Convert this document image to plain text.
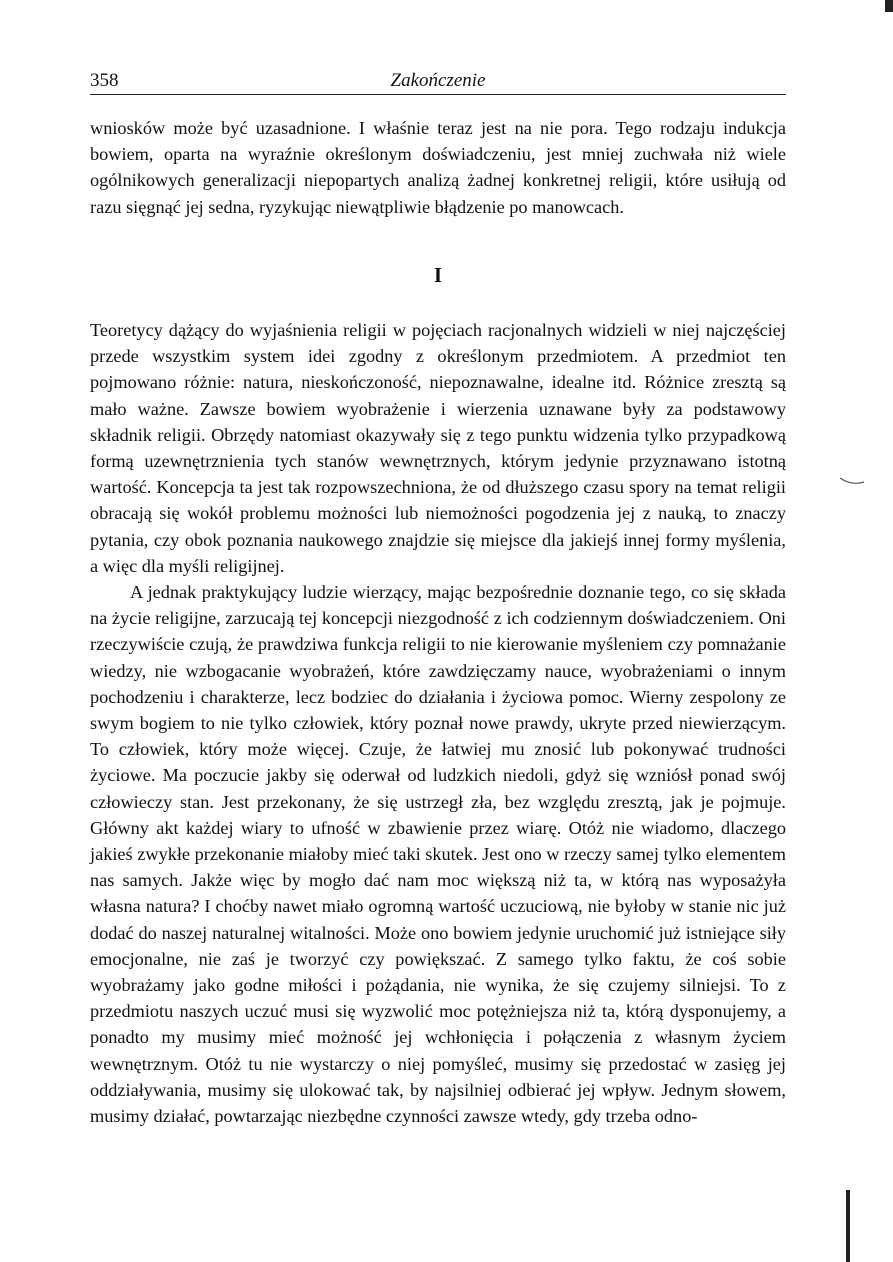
358	Zakończenie

wniosków może być uzasadnione. I właśnie teraz jest na nie pora. Tego rodzaju indukcja bowiem, oparta na wyraźnie określonym doświadczeniu, jest mniej zuchwała niż wiele ogólnikowych generalizacji niepopartych analizą żadnej konkretnej religii, które usiłują od razu sięgnąć jej sedna, ryzykując niewątpliwie błądzenie po manowcach.

I

Teoretycy dążący do wyjaśnienia religii w pojęciach racjonalnych widzieli w niej najczęściej przede wszystkim system idei zgodny z określonym przedmiotem. A przedmiot ten pojmowano różnie: natura, nieskończoność, niepoznawalne, idealne itd. Różnice zresztą są mało ważne. Zawsze bowiem wyobrażenie i wierzenia uznawane były za podstawowy składnik religii. Obrzędy natomiast okazywały się z tego punktu widzenia tylko przypadkową formą uzewnętrznienia tych stanów wewnętrznych, którym jedynie przyznawano istotną wartość. Koncepcja ta jest tak rozpowszechniona, że od dłuższego czasu spory na temat religii obracają się wokół problemu możności lub niemożności pogodzenia jej z nauką, to znaczy pytania, czy obok poznania naukowego znajdzie się miejsce dla jakiejś innej formy myślenia, a więc dla myśli religijnej.

A jednak praktykujący ludzie wierzący, mając bezpośrednie doznanie tego, co się składa na życie religijne, zarzucają tej koncepcji niezgodność z ich codziennym doświadczeniem. Oni rzeczywiście czują, że prawdziwa funkcja religii to nie kierowanie myśleniem czy pomnażanie wiedzy, nie wzbogacanie wyobrażeń, które zawdzięczamy nauce, wyobrażeniami o innym pochodzeniu i charakterze, lecz bodziec do działania i życiowa pomoc. Wierny zespolony ze swym bogiem to nie tylko człowiek, który poznał nowe prawdy, ukryte przed niewierzącym. To człowiek, który może więcej. Czuje, że łatwiej mu znosić lub pokonywać trudności życiowe. Ma poczucie jakby się oderwał od ludzkich niedoli, gdyż się wzniósł ponad swój człowieczy stan. Jest przekonany, że się ustrzegł zła, bez względu zresztą, jak je pojmuje. Główny akt każdej wiary to ufność w zbawienie przez wiarę. Otóż nie wiadomo, dlaczego jakieś zwykłe przekonanie miałoby mieć taki skutek. Jest ono w rzeczy samej tylko elementem nas samych. Jakże więc by mogło dać nam moc większą niż ta, w którą nas wyposażyła własna natura? I choćby nawet miało ogromną wartość uczuciową, nie byłoby w stanie nic już dodać do naszej naturalnej witalności. Może ono bowiem jedynie uruchomić już istniejące siły emocjonalne, nie zaś je tworzyć czy powiększać. Z samego tylko faktu, że coś sobie wyobrażamy jako godne miłości i pożądania, nie wynika, że się czujemy silniejsi. To z przedmiotu naszych uczuć musi się wyzwolić moc potężniejsza niż ta, którą dysponujemy, a ponadto my musimy mieć możność jej wchłonięcia i połączenia z własnym życiem wewnętrznym. Otóż tu nie wystarczy o niej pomyśleć, musimy się przedostać w zasięg jej oddziaływania, musimy się ulokować tak, by najsilniej odbierać jej wpływ. Jednym słowem, musimy działać, powtarzając niezbędne czynności zawsze wtedy, gdy trzeba odno-
